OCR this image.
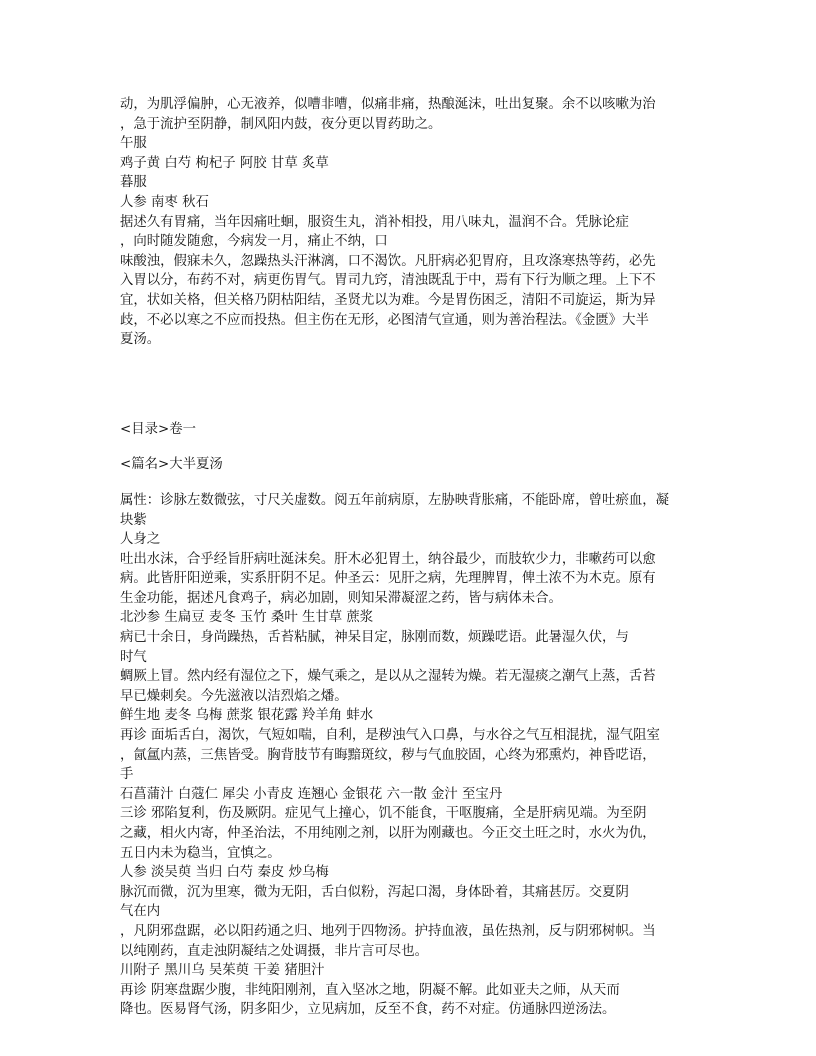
动，为肌浮偏肿，心无液养，似嘈非嘈，似痛非痛，热酿涎沫，吐出复聚。余不以咳嗽为治
，急于流护至阴静，制风阳内鼓，夜分更以胃药助之。
午服
鸡子黄 白芍 枸杞子 阿胶 甘草 炙草
暮服
人参 南枣 秋石
据述久有胃痛，当年因痛吐蛔，服资生丸，消补相投，用八味丸，温润不合。凭脉论症
，向时随发随愈，今病发一月，痛止不纳，口
味酸浊，假寐未久，忽躁热头汗淋漓，口不渴饮。凡肝病必犯胃府，且攻涤寒热等药，必先
入胃以分，布药不对，病更伤胃气。胃司九窍，清浊既乱于中，焉有下行为顺之理。上下不
宜，状如关格，但关格乃阴枯阳结，圣贤尤以为难。今是胃伤困乏，清阳不司旋运，斯为异
歧，不必以寒之不应而投热。但主伤在无形，必图清气宣通，则为善治程法。《金匮》大半
夏汤。
<目录>卷一
<篇名>大半夏汤
属性：诊脉左数微弦，寸尺关虚数。阅五年前病原，左胁映背胀痛，不能卧席，曾吐瘀血，凝
块紫
人身之
吐出水沫，合乎经旨肝病吐涎沫矣。肝木必犯胃土，纳谷最少，而肢软少力，非嗽药可以愈
病。此皆肝阳逆乘，实系肝阴不足。仲圣云：见肝之病，先理脾胃，俾土浓不为木克。原有
生金功能，据述凡食鸡子，病必加剧，则知呆滞凝涩之药，皆与病体未合。
北沙参 生扁豆 麦冬 玉竹 桑叶 生甘草 蔗浆
病已十余日，身尚躁热，舌苔粘腻，神呆目定，脉刚而数，烦躁呓语。此暑湿久伏，与
时气
蜩厥上冒。然内经有湿位之下，燥气乘之，是以从之湿转为燥。若无湿痰之潮气上蒸，舌苔
早已燥刺矣。今先滋液以洁烈焰之燔。
鲜生地 麦冬 乌梅 蔗浆 银花露 羚羊角 蚌水
再诊 面垢舌白，渴饮，气短如喘，自利，是秽浊气入口鼻，与水谷之气互相混扰，湿气阻室
，氤氲内蒸，三焦皆受。胸背肢节有晦黯斑纹，秽与气血胶固，心终为邪熏灼，神昏呓语，
手
石菖蒲汁 白蔻仁 犀尖 小青皮 连翘心 金银花 六一散 金汁 至宝丹
三诊 邪陷复利，伤及厥阴。症见气上撞心，饥不能食，干呕腹痛，全是肝病见端。为至阴
之藏，相火内寄，仲圣治法，不用纯刚之剂，以肝为刚藏也。今正交土旺之时，水火为仇，
五日内未为稳当，宜慎之。
人参 淡吴萸 当归 白芍 秦皮 炒乌梅
脉沉而微，沉为里寒，微为无阳，舌白似粉，泻起口渴，身体卧着，其痛甚厉。交夏阴
气在内
，凡阴邪盘踞，必以阳药通之归、地列于四物汤。护持血液，虽佐热剂，反与阴邪树帜。当
以纯刚药，直走浊阴凝结之处调摄，非片言可尽也。
川附子 黑川乌 吴茱萸 干姜 猪胆汁
再诊 阴寒盘踞少腹，非纯阳刚剂，直入坚冰之地，阴凝不解。此如亚夫之师，从天而
降也。医易肾气汤，阴多阳少，立见病加，反至不食，药不对症。仿通脉四逆汤法。
